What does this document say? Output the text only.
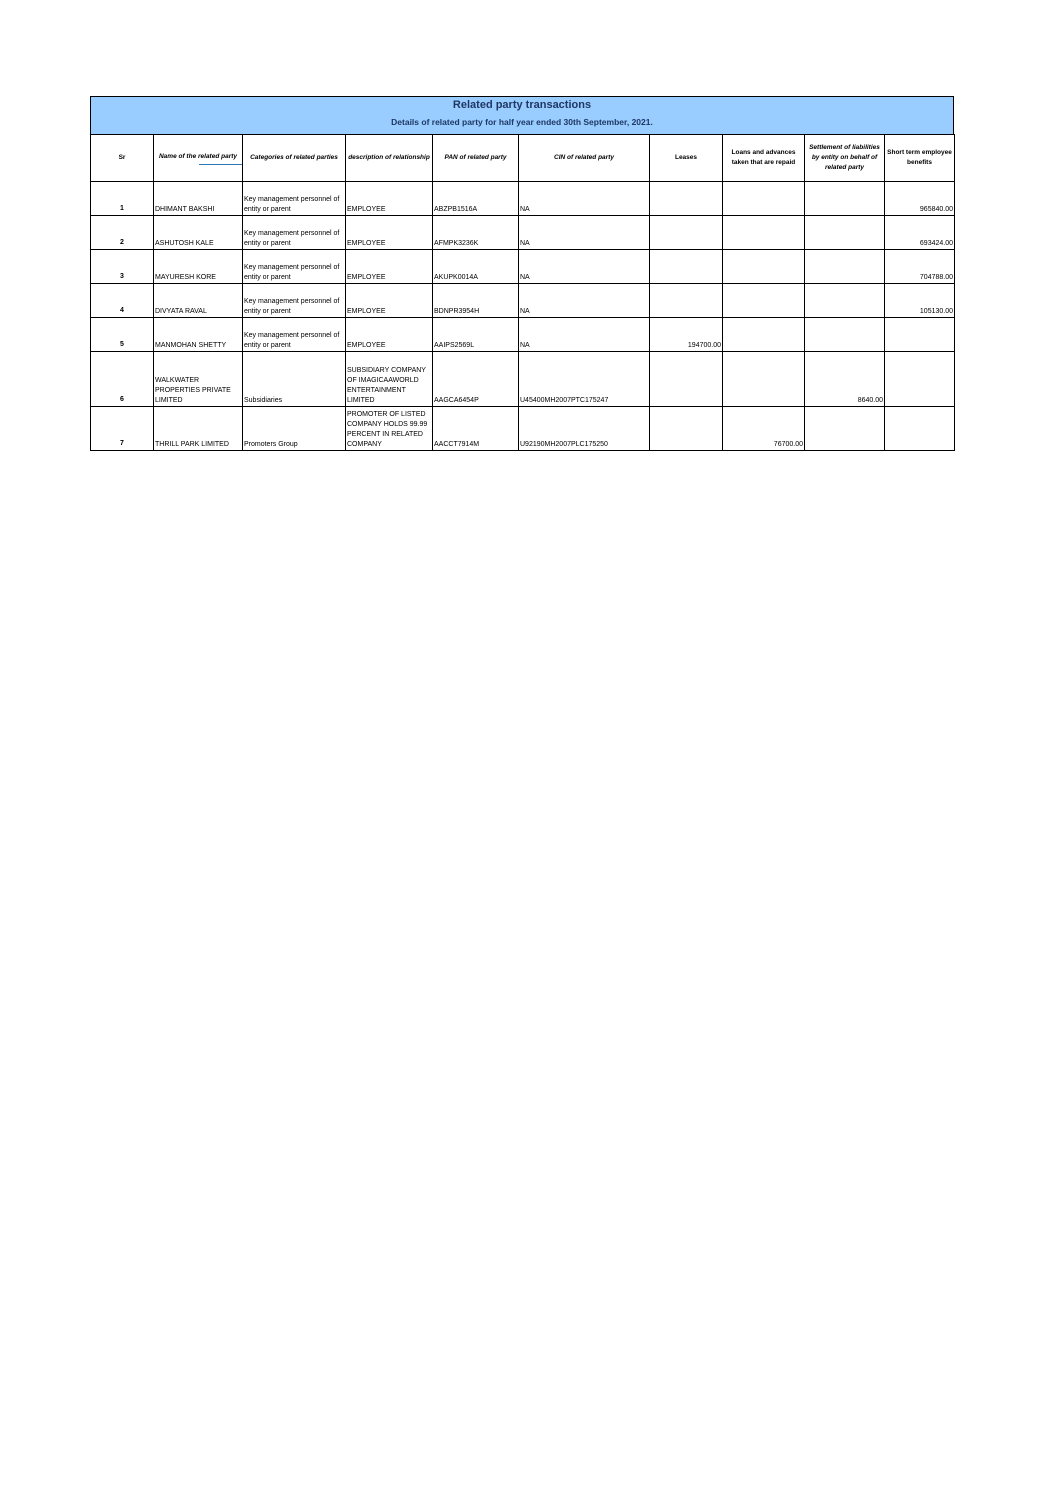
Related party transactions
Details of related party for half year ended 30th September, 2021.
Sr	Name of the related party	Categories of related parties	description of relationship	PAN of related party	CIN of related party	Leases	Loans and advances taken that are repaid	Settlement of liabilities by entity on behalf of related party	Short term employee benefits
1	DHIMANT BAKSHI	Key management personnel of entity or parent	EMPLOYEE	ABZPB1516A	NA				965840.00
2	ASHUTOSH KALE	Key management personnel of entity or parent	EMPLOYEE	AFMPK3236K	NA				693424.00
3	MAYURESH KORE	Key management personnel of entity or parent	EMPLOYEE	AKUPK0014A	NA				704788.00
4	DIVYATA RAVAL	Key management personnel of entity or parent	EMPLOYEE	BDNPR3954H	NA				105130.00
5	MANMOHAN SHETTY	Key management personnel of entity or parent	EMPLOYEE	AAIPS2569L	NA	194700.00			
6	WALKWATER PROPERTIES PRIVATE LIMITED	Subsidiaries	SUBSIDIARY COMPANY OF IMAGICAAWORLD ENTERTAINMENT LIMITED	AAGCA6454P	U45400MH2007PTC175247			8640.00	
7	THRILL PARK LIMITED	Promoters Group	PROMOTER OF LISTED COMPANY HOLDS 99.99 PERCENT IN RELATED COMPANY	AACCT7914M	U92190MH2007PLC175250		76700.00		
